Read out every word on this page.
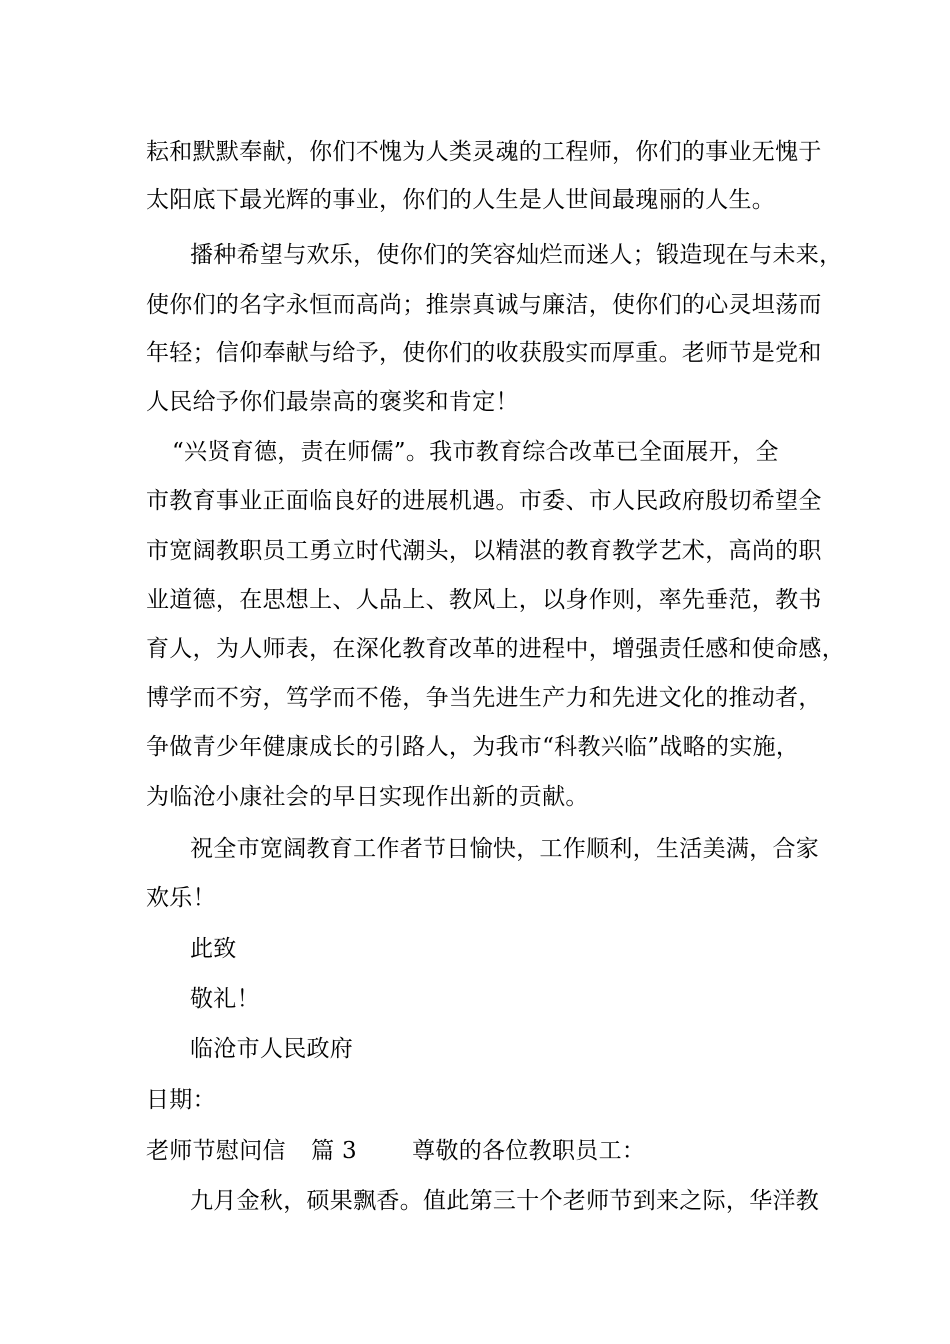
耘和默默奉献，你们不愧为人类灵魂的工程师，你们的事业无愧于
太阳底下最光辉的事业，你们的人生是人世间最瑰丽的人生。
播种希望与欢乐，使你们的笑容灿烂而迷人；锻造现在与未来，
使你们的名字永恒而高尚；推崇真诚与廉洁，使你们的心灵坦荡而
年轻；信仰奉献与给予，使你们的收获殷实而厚重。老师节是党和
人民给予你们最崇高的褒奖和肯定！
“兴贤育德，责在师儒”。我市教育综合改革已全面展开，全
市教育事业正面临良好的进展机遇。市委、市人民政府殷切希望全
市宽阔教职员工勇立时代潮头，以精湛的教育教学艺术，高尚的职
业道德，在思想上、人品上、教风上，以身作则，率先垂范，教书
育人，为人师表，在深化教育改革的进程中，增强责任感和使命感，
博学而不穷，笃学而不倦，争当先进生产力和先进文化的推动者，
争做青少年健康成长的引路人，为我市“科教兴临”战略的实施，
为临沧小康社会的早日实现作出新的贡献。
祝全市宽阔教育工作者节日愉快，工作顺利，生活美满，合家
欢乐！
此致
敬礼！
临沧市人民政府
日期：
老师节慰问信 篇 3 尊敬的各位教职员工：
九月金秋，硕果飘香。值此第三十个老师节到来之际，华洋教
